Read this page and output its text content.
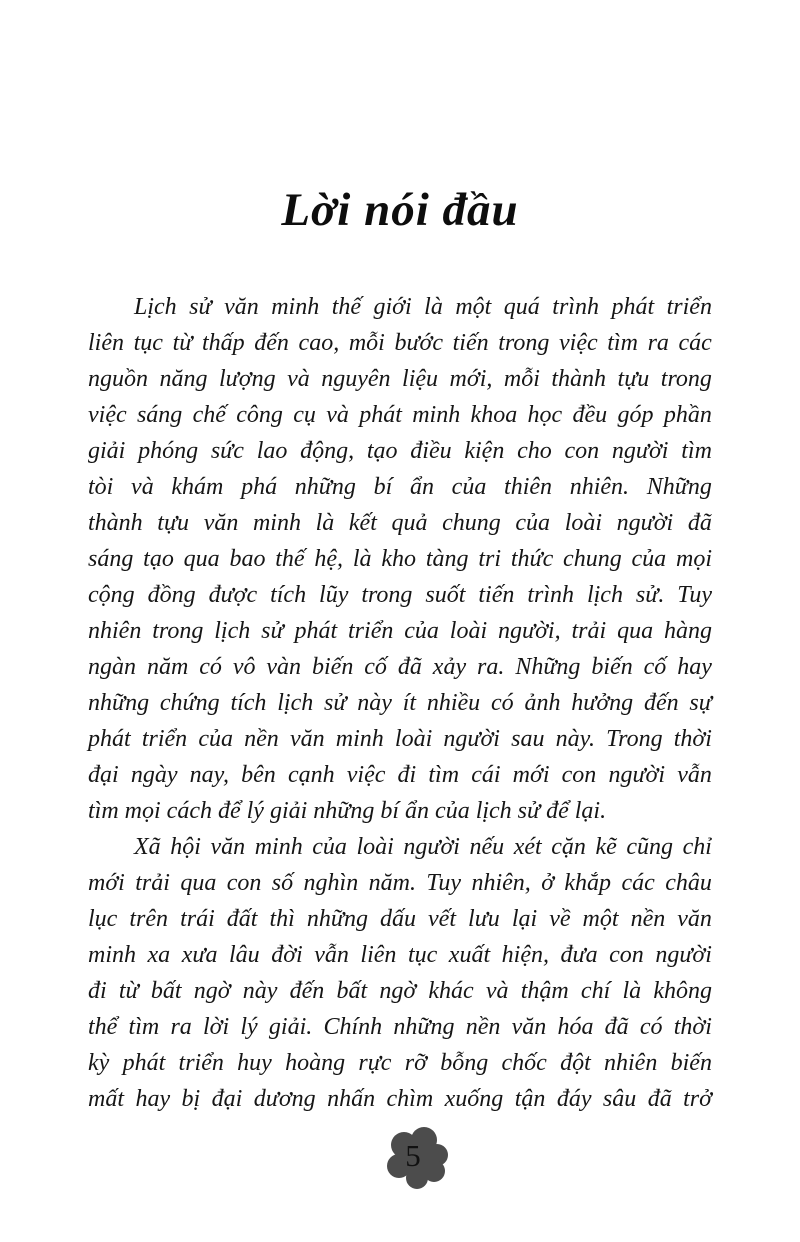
Lời nói đầu
Lịch sử văn minh thế giới là một quá trình phát triển
liên tục từ thấp đến cao, mỗi bước tiến trong việc tìm ra các
nguồn năng lượng và nguyên liệu mới, mỗi thành tựu trong
việc sáng chế công cụ và phát minh khoa học đều góp phần
giải phóng sức lao động, tạo điều kiện cho con người tìm
tòi và khám phá những bí ẩn của thiên nhiên. Những
thành tựu văn minh là kết quả chung của loài người đã
sáng tạo qua bao thế hệ, là kho tàng tri thức chung của mọi
cộng đồng được tích lũy trong suốt tiến trình lịch sử. Tuy
nhiên trong lịch sử phát triển của loài người, trải qua hàng
ngàn năm có vô vàn biến cố đã xảy ra. Những biến cố hay
những chứng tích lịch sử này ít nhiều có ảnh hưởng đến sự
phát triển của nền văn minh loài người sau này. Trong thời
đại ngày nay, bên cạnh việc đi tìm cái mới con người vẫn
tìm mọi cách để lý giải những bí ẩn của lịch sử để lại.
Xã hội văn minh của loài người nếu xét cặn kẽ cũng chỉ
mới trải qua con số nghìn năm. Tuy nhiên, ở khắp các châu
lục trên trái đất thì những dấu vết lưu lại về một nền văn
minh xa xưa lâu đời vẫn liên tục xuất hiện, đưa con người
đi từ bất ngờ này đến bất ngờ khác và thậm chí là không
thể tìm ra lời lý giải. Chính những nền văn hóa đã có thời
kỳ phát triển huy hoàng rực rỡ bỗng chốc đột nhiên biến
mất hay bị đại dương nhấn chìm xuống tận đáy sâu đã trở
5
